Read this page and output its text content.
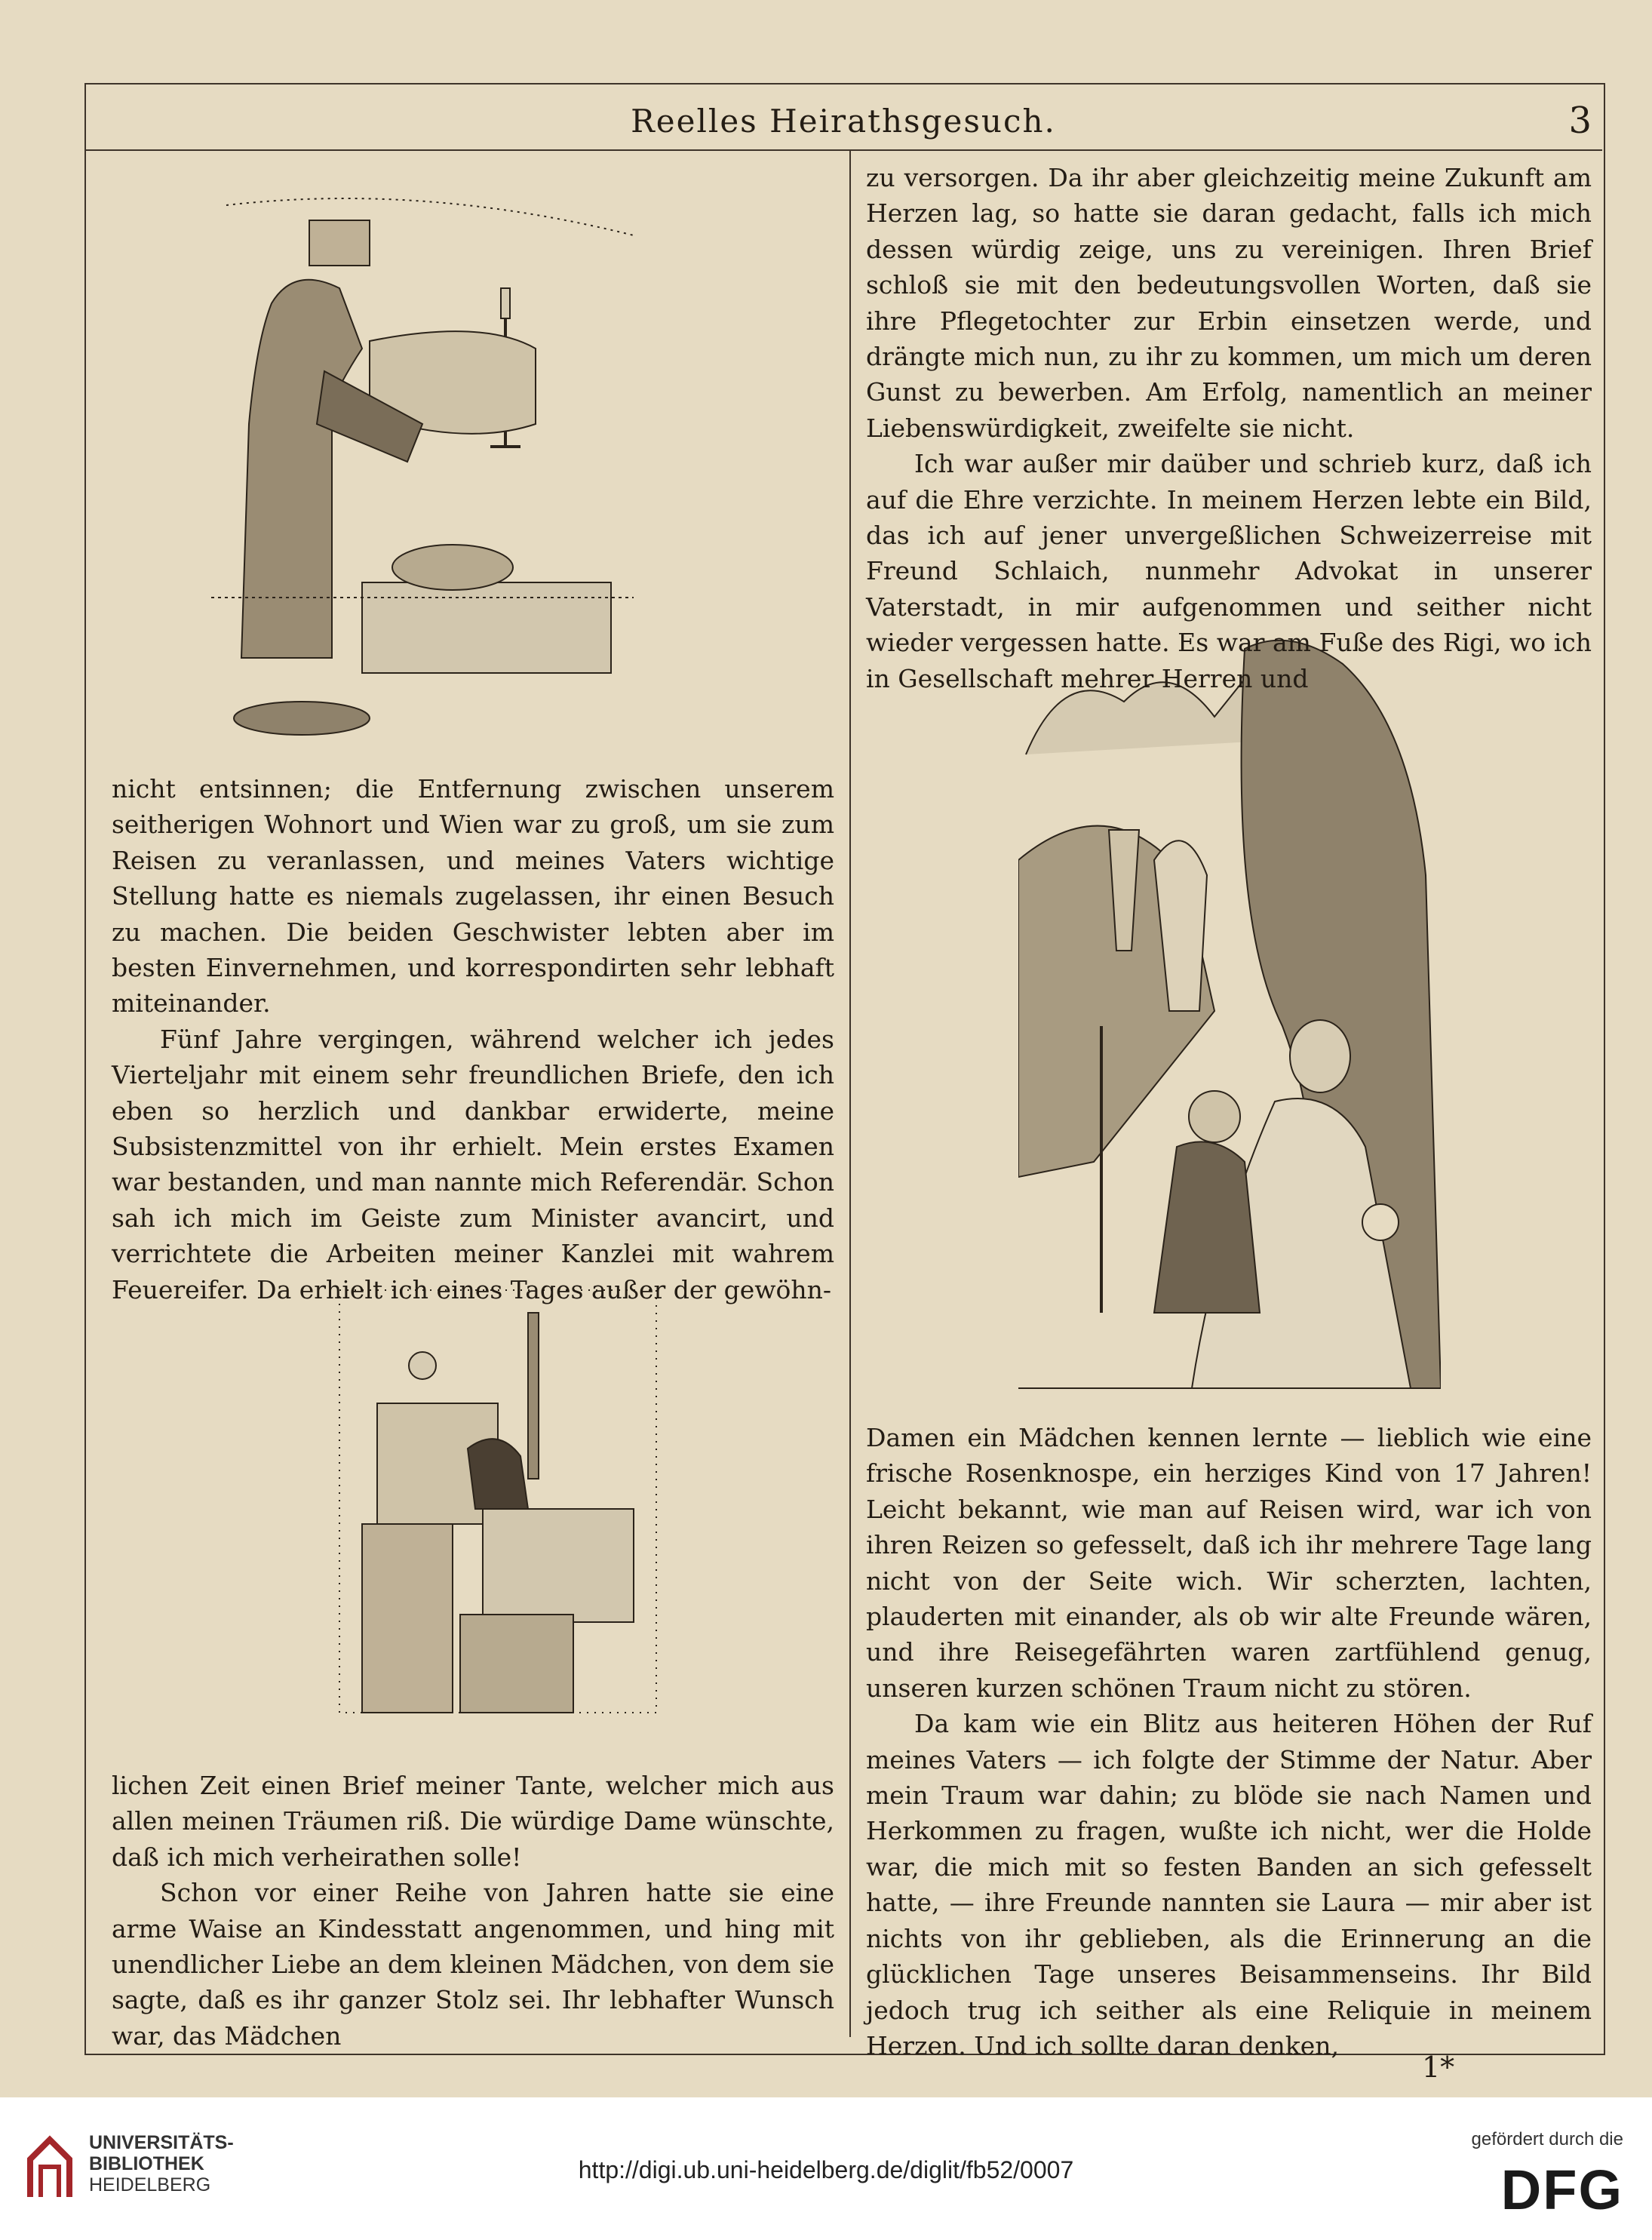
Reelles Heirathsgesuch.	3

nicht entsinnen; die Entfernung zwischen unserem seitherigen Wohnort und Wien war zu groß, um sie zum Reisen zu veranlassen, und meines Vaters wichtige Stellung hatte es niemals zugelassen, ihr einen Besuch zu machen. Die beiden Geschwister lebten aber im besten Einvernehmen, und korrespondirten sehr lebhaft miteinander.

Fünf Jahre vergingen, während welcher ich jedes Vierteljahr mit einem sehr freundlichen Briefe, den ich eben so herzlich und dankbar erwiderte, meine Subsistenzmittel von ihr erhielt. Mein erstes Examen war bestanden, und man nannte mich Referendär. Schon sah ich mich im Geiste zum Minister avancirt, und verrichtete die Arbeiten meiner Kanzlei mit wahrem Feuereifer. Da erhielt ich eines Tages außer der gewöhn-

lichen Zeit einen Brief meiner Tante, welcher mich aus allen meinen Träumen riß. Die würdige Dame wünschte, daß ich mich verheirathen solle!

Schon vor einer Reihe von Jahren hatte sie eine arme Waise an Kindesstatt angenommen, und hing mit unendlicher Liebe an dem kleinen Mädchen, von dem sie sagte, daß es ihr ganzer Stolz sei. Ihr lebhafter Wunsch war, das Mädchen

zu versorgen. Da ihr aber gleichzeitig meine Zukunft am Herzen lag, so hatte sie daran gedacht, falls ich mich dessen würdig zeige, uns zu vereinigen. Ihren Brief schloß sie mit den bedeutungsvollen Worten, daß sie ihre Pflegetochter zur Erbin einsetzen werde, und drängte mich nun, zu ihr zu kommen, um mich um deren Gunst zu bewerben. Am Erfolg, namentlich an meiner Liebenswürdigkeit, zweifelte sie nicht.

Ich war außer mir daüber und schrieb kurz, daß ich auf die Ehre verzichte. In meinem Herzen lebte ein Bild, das ich auf jener unvergeßlichen Schweizerreise mit Freund Schlaich, nunmehr Advokat in unserer Vaterstadt, in mir aufgenommen und seither nicht wieder vergessen hatte. Es war am Fuße des Rigi, wo ich in Gesellschaft mehrer Herren und

Damen ein Mädchen kennen lernte — lieblich wie eine frische Rosenknospe, ein herziges Kind von 17 Jahren! Leicht bekannt, wie man auf Reisen wird, war ich von ihren Reizen so gefesselt, daß ich ihr mehrere Tage lang nicht von der Seite wich. Wir scherzten, lachten, plauderten mit einander, als ob wir alte Freunde wären, und ihre Reisegefährten waren zartfühlend genug, unseren kurzen schönen Traum nicht zu stören.

Da kam wie ein Blitz aus heiteren Höhen der Ruf meines Vaters — ich folgte der Stimme der Natur. Aber mein Traum war dahin; zu blöde sie nach Namen und Herkommen zu fragen, wußte ich nicht, wer die Holde war, die mich mit so festen Banden an sich gefesselt hatte, — ihre Freunde nannten sie Laura — mir aber ist nichts von ihr geblieben, als die Erinnerung an die glücklichen Tage unseres Beisammenseins. Ihr Bild jedoch trug ich seither als eine Reliquie in meinem Herzen. Und ich sollte daran denken,

1*
UNIVERSITÄTS-
BIBLIOTHEK
HEIDELBERG
http://digi.ub.uni-heidelberg.de/diglit/fb52/0007
gefördert durch die
DFG
